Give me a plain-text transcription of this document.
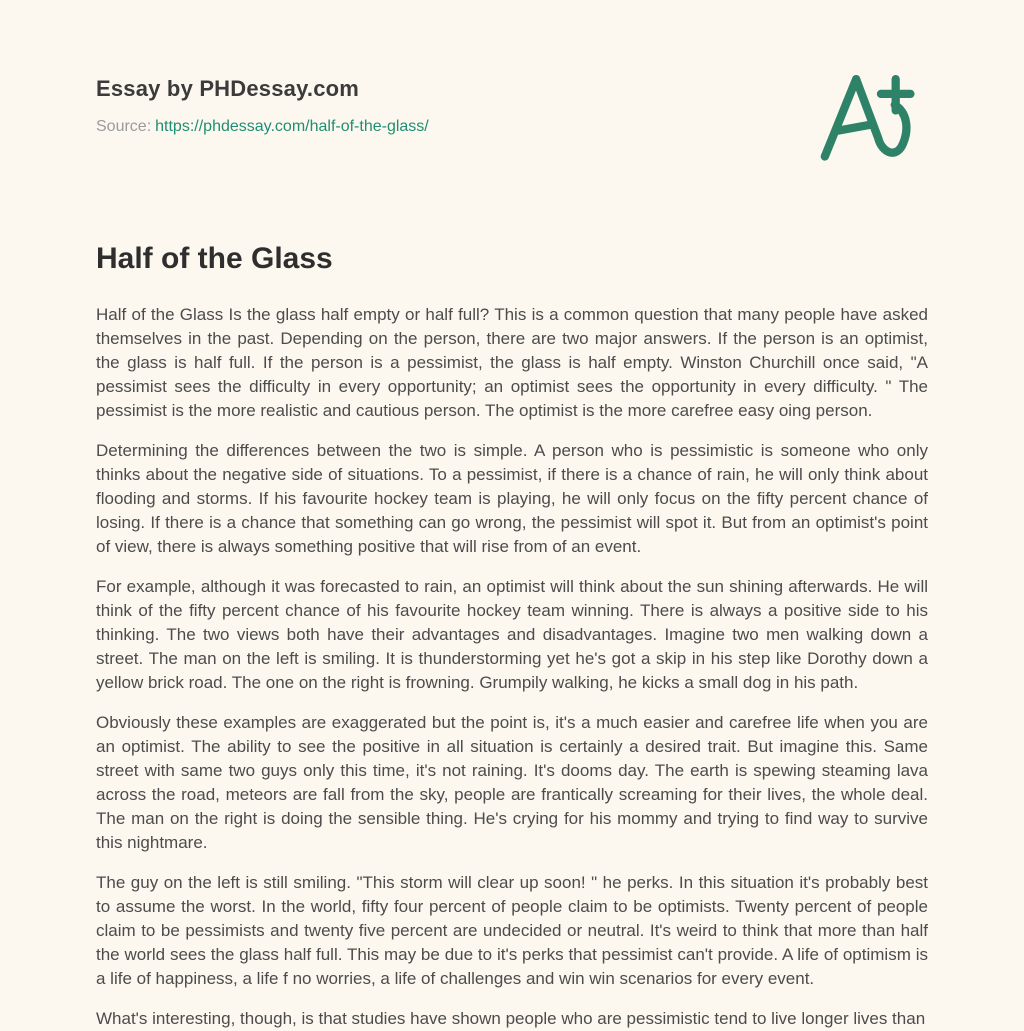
Essay by PHDessay.com
Source: https://phdessay.com/half-of-the-glass/
Half of the Glass

Half of the Glass Is the glass half empty or half full? This is a common question that many people have asked themselves in the past. Depending on the person, there are two major answers. If the person is an optimist, the glass is half full. If the person is a pessimist, the glass is half empty. Winston Churchill once said, "A pessimist sees the difficulty in every opportunity; an optimist sees the opportunity in every difficulty. " The pessimist is the more realistic and cautious person. The optimist is the more carefree easy oing person.

Determining the differences between the two is simple. A person who is pessimistic is someone who only thinks about the negative side of situations. To a pessimist, if there is a chance of rain, he will only think about flooding and storms. If his favourite hockey team is playing, he will only focus on the fifty percent chance of losing. If there is a chance that something can go wrong, the pessimist will spot it. But from an optimist's point of view, there is always something positive that will rise from of an event.

For example, although it was forecasted to rain, an optimist will think about the sun shining afterwards. He will think of the fifty percent chance of his favourite hockey team winning. There is always a positive side to his thinking. The two views both have their advantages and disadvantages. Imagine two men walking down a street. The man on the left is smiling. It is thunderstorming yet he's got a skip in his step like Dorothy down a yellow brick road. The one on the right is frowning. Grumpily walking, he kicks a small dog in his path.

Obviously these examples are exaggerated but the point is, it's a much easier and carefree life when you are an optimist. The ability to see the positive in all situation is certainly a desired trait. But imagine this. Same street with same two guys only this time, it's not raining. It's dooms day. The earth is spewing steaming lava across the road, meteors are fall from the sky, people are frantically screaming for their lives, the whole deal. The man on the right is doing the sensible thing. He's crying for his mommy and trying to find way to survive this nightmare.

The guy on the left is still smiling. "This storm will clear up soon! " he perks. In this situation it's probably best to assume the worst. In the world, fifty four percent of people claim to be optimists. Twenty percent of people claim to be pessimists and twenty five percent are undecided or neutral. It's weird to think that more than half the world sees the glass half full. This may be due to it's perks that pessimist can't provide. A life of optimism is a life of happiness, a life f no worries, a life of challenges and win win scenarios for every event.

What's interesting, though, is that studies have shown people who are pessimistic tend to live longer lives than
